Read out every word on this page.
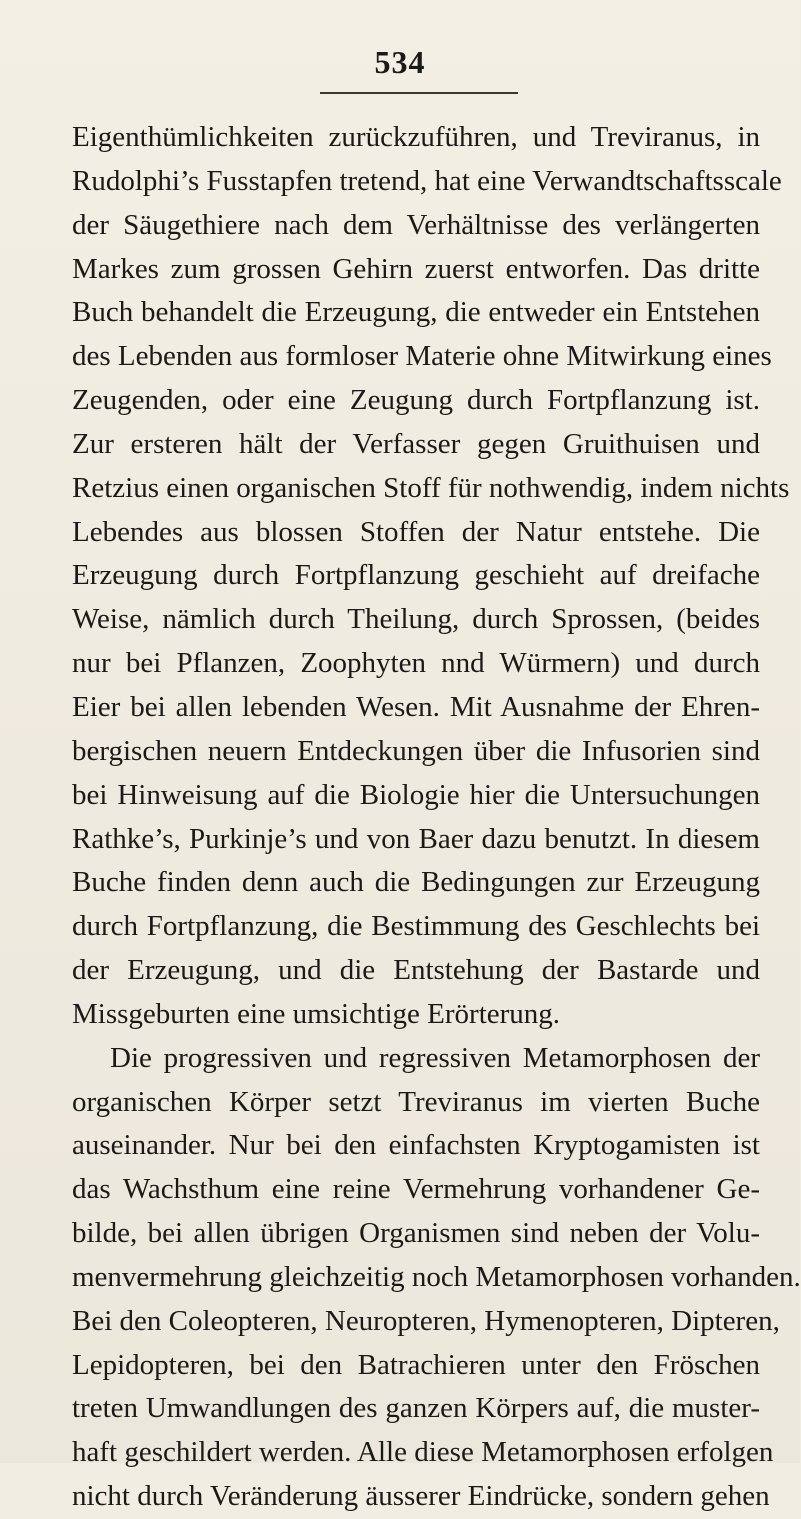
534
Eigenthümlichkeiten zurückzuführen, und Treviranus, in
Rudolphi’s Fusstapfen tretend, hat eine Verwandtschaftsscale
der Säugethiere nach dem Verhältnisse des verlängerten
Markes zum grossen Gehirn zuerst entworfen. Das dritte
Buch behandelt die Erzeugung, die entweder ein Entstehen
des Lebenden aus formloser Materie ohne Mitwirkung eines
Zeugenden, oder eine Zeugung durch Fortpflanzung ist.
Zur ersteren hält der Verfasser gegen Gruithuisen und
Retzius einen organischen Stoff für nothwendig, indem nichts
Lebendes aus blossen Stoffen der Natur entstehe. Die
Erzeugung durch Fortpflanzung geschieht auf dreifache
Weise, nämlich durch Theilung, durch Sprossen, (beides
nur bei Pflanzen, Zoophyten nnd Würmern) und durch
Eier bei allen lebenden Wesen. Mit Ausnahme der Ehren-
bergischen neuern Entdeckungen über die Infusorien sind
bei Hinweisung auf die Biologie hier die Untersuchungen
Rathke’s, Purkinje’s und von Baer dazu benutzt. In diesem
Buche finden denn auch die Bedingungen zur Erzeugung
durch Fortpflanzung, die Bestimmung des Geschlechts bei
der Erzeugung, und die Entstehung der Bastarde und
Missgeburten eine umsichtige Erörterung.
Die progressiven und regressiven Metamorphosen der
organischen Körper setzt Treviranus im vierten Buche
auseinander. Nur bei den einfachsten Kryptogamisten ist
das Wachsthum eine reine Vermehrung vorhandener Ge-
bilde, bei allen übrigen Organismen sind neben der Volu-
menvermehrung gleichzeitig noch Metamorphosen vorhanden.
Bei den Coleopteren, Neuropteren, Hymenopteren, Dipteren,
Lepidopteren, bei den Batrachieren unter den Fröschen
treten Umwandlungen des ganzen Körpers auf, die muster-
haft geschildert werden. Alle diese Metamorphosen erfolgen
nicht durch Veränderung äusserer Eindrücke, sondern gehen
